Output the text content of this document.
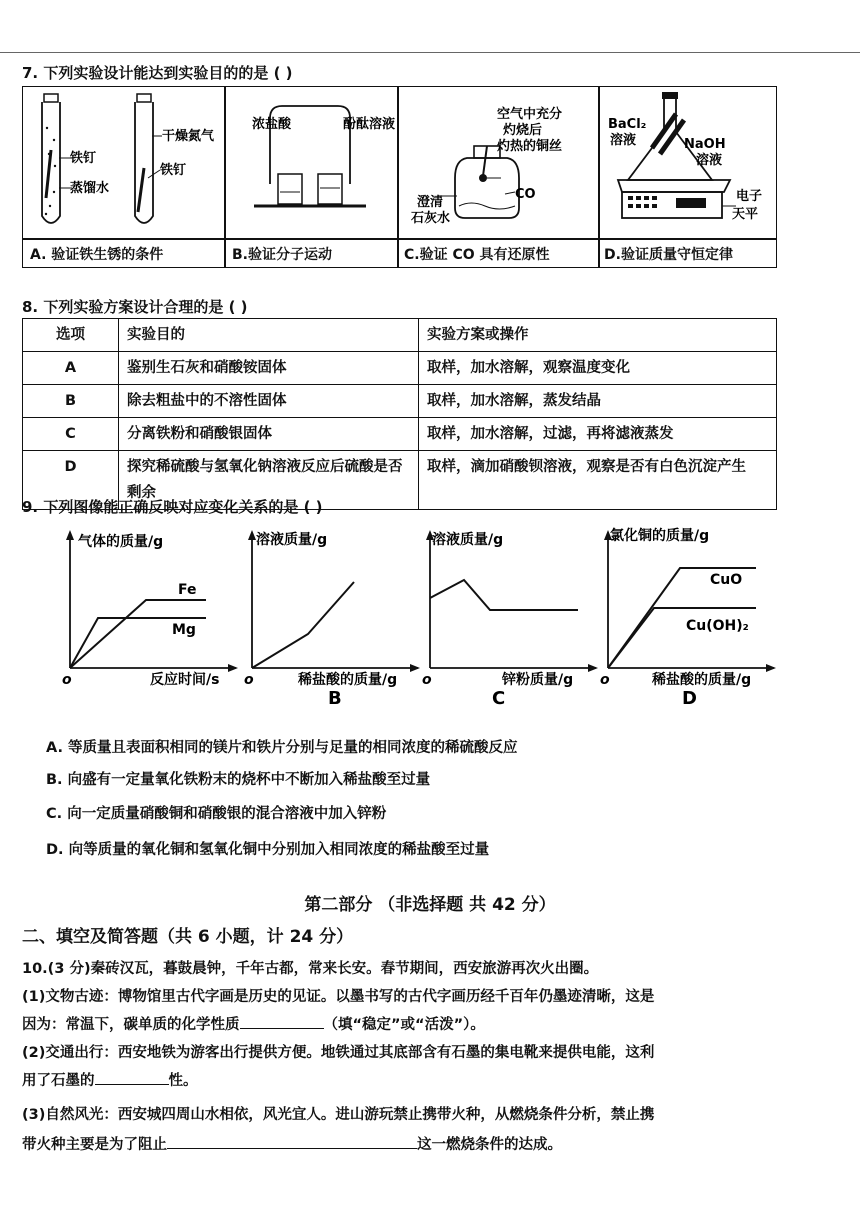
7. 下列实验设计能达到实验目的的是 ( )
铁钉
蒸馏水
干燥氮气
铁钉
A. 验证铁生锈的条件
浓盐酸	酚酞溶液
B.验证分子运动
空气中充分
灼烧后
灼热的铜丝
澄清
石灰水
CO
C.验证 CO 具有还原性
BaCl₂
溶液	NaOH
溶液
电子
天平
D.验证质量守恒定律
8. 下列实验方案设计合理的是 ( )
选项	实验目的	实验方案或操作
A	鉴别生石灰和硝酸铵固体	取样，加水溶解，观察温度变化
B	除去粗盐中的不溶性固体	取样，加水溶解，蒸发结晶
C	分离铁粉和硝酸银固体	取样，加水溶解，过滤，再将滤液蒸发
D	探究稀硫酸与氢氧化钠溶液反应后硫酸是否剩余	取样，滴加硝酸钡溶液，观察是否有白色沉淀产生
9. 下列图像能正确反映对应变化关系的是 ( )
气体的质量/g
Fe
Mg
o	反应时间/s
溶液质量/g
o	稀盐酸的质量/g
B
溶液质量/g
o	锌粉质量/g
C
氯化铜的质量/g
CuO
Cu(OH)₂
o	稀盐酸的质量/g
D
A. 等质量且表面积相同的镁片和铁片分别与足量的相同浓度的稀硫酸反应
B. 向盛有一定量氧化铁粉末的烧杯中不断加入稀盐酸至过量
C. 向一定质量硝酸铜和硝酸银的混合溶液中加入锌粉
D. 向等质量的氧化铜和氢氧化铜中分别加入相同浓度的稀盐酸至过量
第二部分 （非选择题 共 42 分）
二、填空及简答题（共 6 小题，计 24 分）
10.(3 分)秦砖汉瓦，暮鼓晨钟，千年古都，常来长安。春节期间，西安旅游再次火出圈。
(1)文物古迹：博物馆里古代字画是历史的见证。以墨书写的古代字画历经千百年仍墨迹清晰，这是
因为：常温下，碳单质的化学性质	（填“稳定”或“活泼”）。
(2)交通出行：西安地铁为游客出行提供方便。地铁通过其底部含有石墨的集电靴来提供电能，这利
用了石墨的	性。
(3)自然风光：西安城四周山水相依，风光宜人。进山游玩禁止携带火种，从燃烧条件分析，禁止携
带火种主要是为了阻止	这一燃烧条件的达成。
